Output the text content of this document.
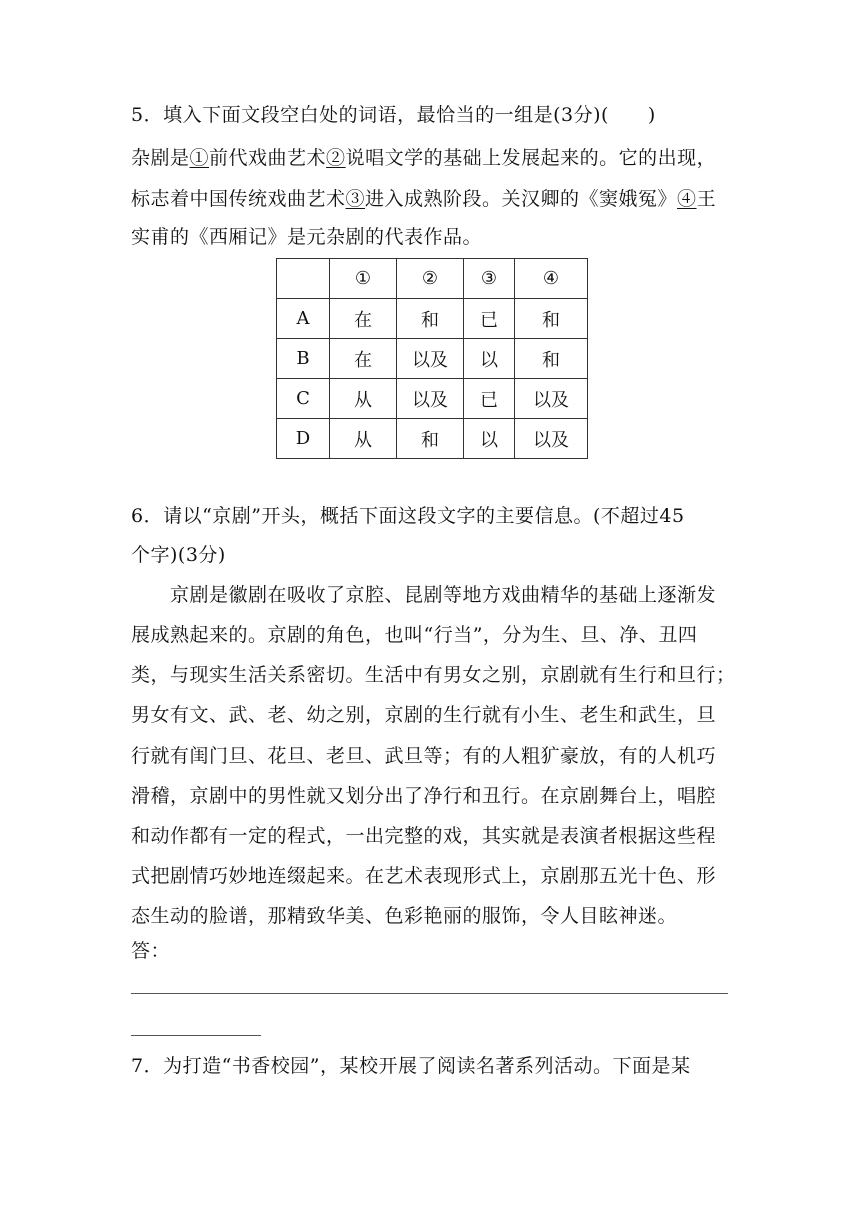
5．填入下面文段空白处的词语，最恰当的一组是(3分)(　　)
杂剧是①前代戏曲艺术②说唱文学的基础上发展起来的。它的出现，
标志着中国传统戏曲艺术③进入成熟阶段。关汉卿的《窦娥冤》④王
实甫的《西厢记》是元杂剧的代表作品。
	①	②	③	④
A	在	和	已	和
B	在	以及	以	和
C	从	以及	已	以及
D	从	和	以	以及
6．请以“京剧”开头，概括下面这段文字的主要信息。(不超过45
个字)(3分)
京剧是徽剧在吸收了京腔、昆剧等地方戏曲精华的基础上逐渐发
展成熟起来的。京剧的角色，也叫“行当”，分为生、旦、净、丑四
类，与现实生活关系密切。生活中有男女之别，京剧就有生行和旦行；
男女有文、武、老、幼之别，京剧的生行就有小生、老生和武生，旦
行就有闺门旦、花旦、老旦、武旦等；有的人粗犷豪放，有的人机巧
滑稽，京剧中的男性就又划分出了净行和丑行。在京剧舞台上，唱腔
和动作都有一定的程式，一出完整的戏，其实就是表演者根据这些程
式把剧情巧妙地连缀起来。在艺术表现形式上，京剧那五光十色、形
态生动的脸谱，那精致华美、色彩艳丽的服饰，令人目眩神迷。
答：
7．为打造“书香校园”，某校开展了阅读名著系列活动。下面是某
